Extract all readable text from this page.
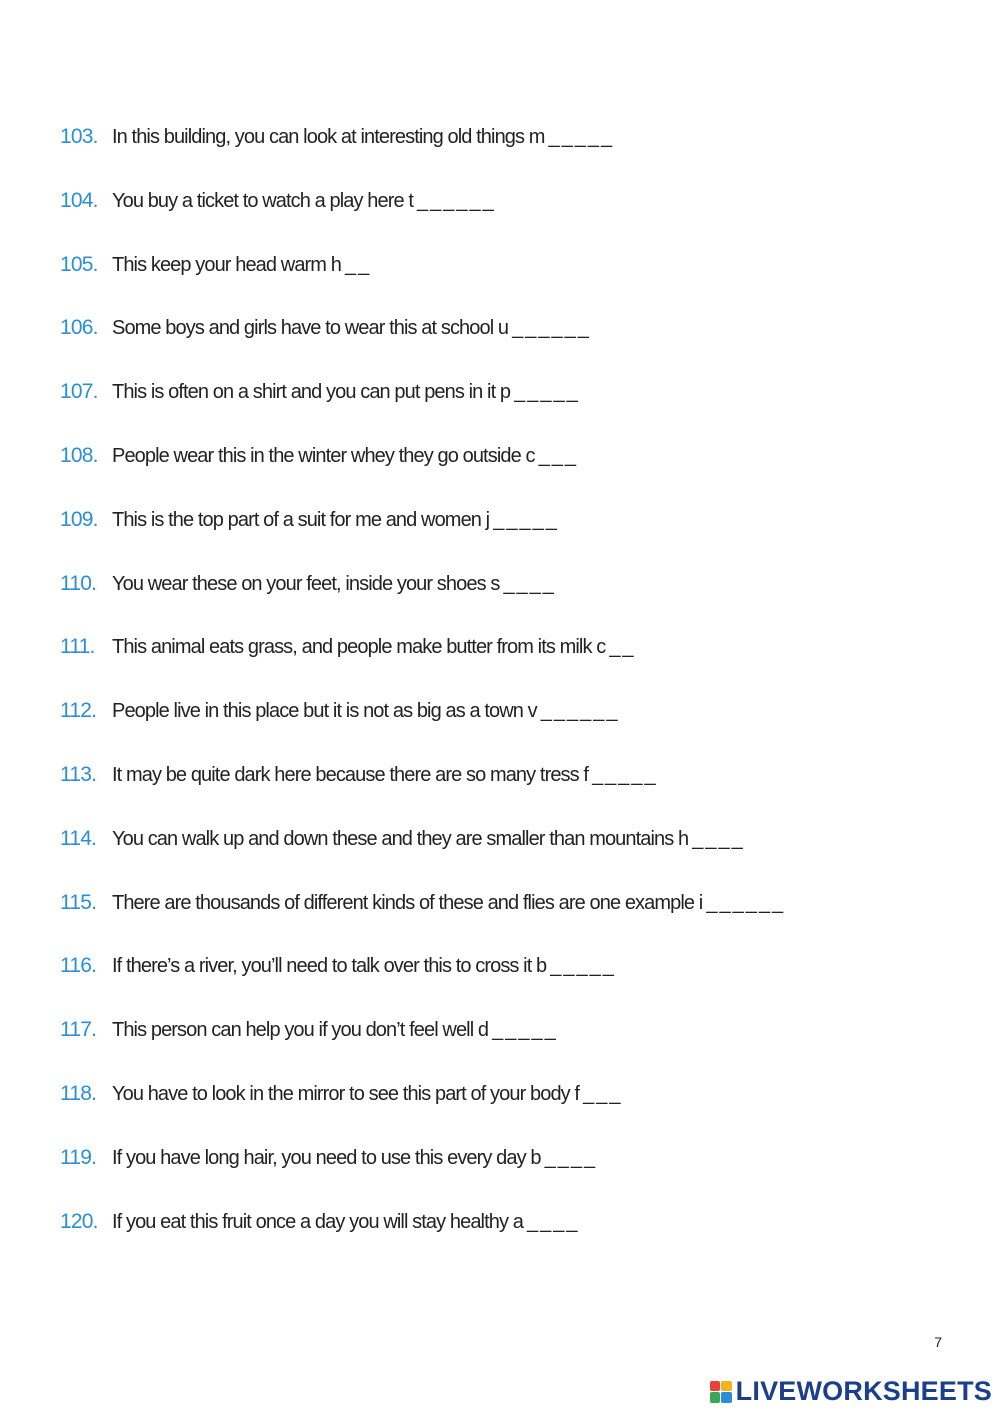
103. In this building, you can look at interesting old things m _____
104. You buy a ticket to watch a play here t ______
105. This keep your head warm h __
106. Some boys and girls have to wear this at school u ______
107. This is often on a shirt and you can put pens in it p _____
108. People wear this in the winter whey they go outside c ___
109. This is the top part of a suit for me and women j _____
110. You wear these on your feet, inside your shoes s ____
111. This animal eats grass, and people make butter from its milk c __
112. People live in this place but it is not as big as a town v ______
113. It may be quite dark here because there are so many tress f _____
114. You can walk up and down these and they are smaller than mountains h ____
115. There are thousands of different kinds of these and flies are one example i ______
116. If there’s a river, you’ll need to talk over this to cross it b _____
117. This person can help you if you don’t feel well d _____
118. You have to look in the mirror to see this part of your body f ___
119. If you have long hair, you need to use this every day b ____
120. If you eat this fruit once a day you will stay healthy a ____
7
LIVEWORKSHEETS
